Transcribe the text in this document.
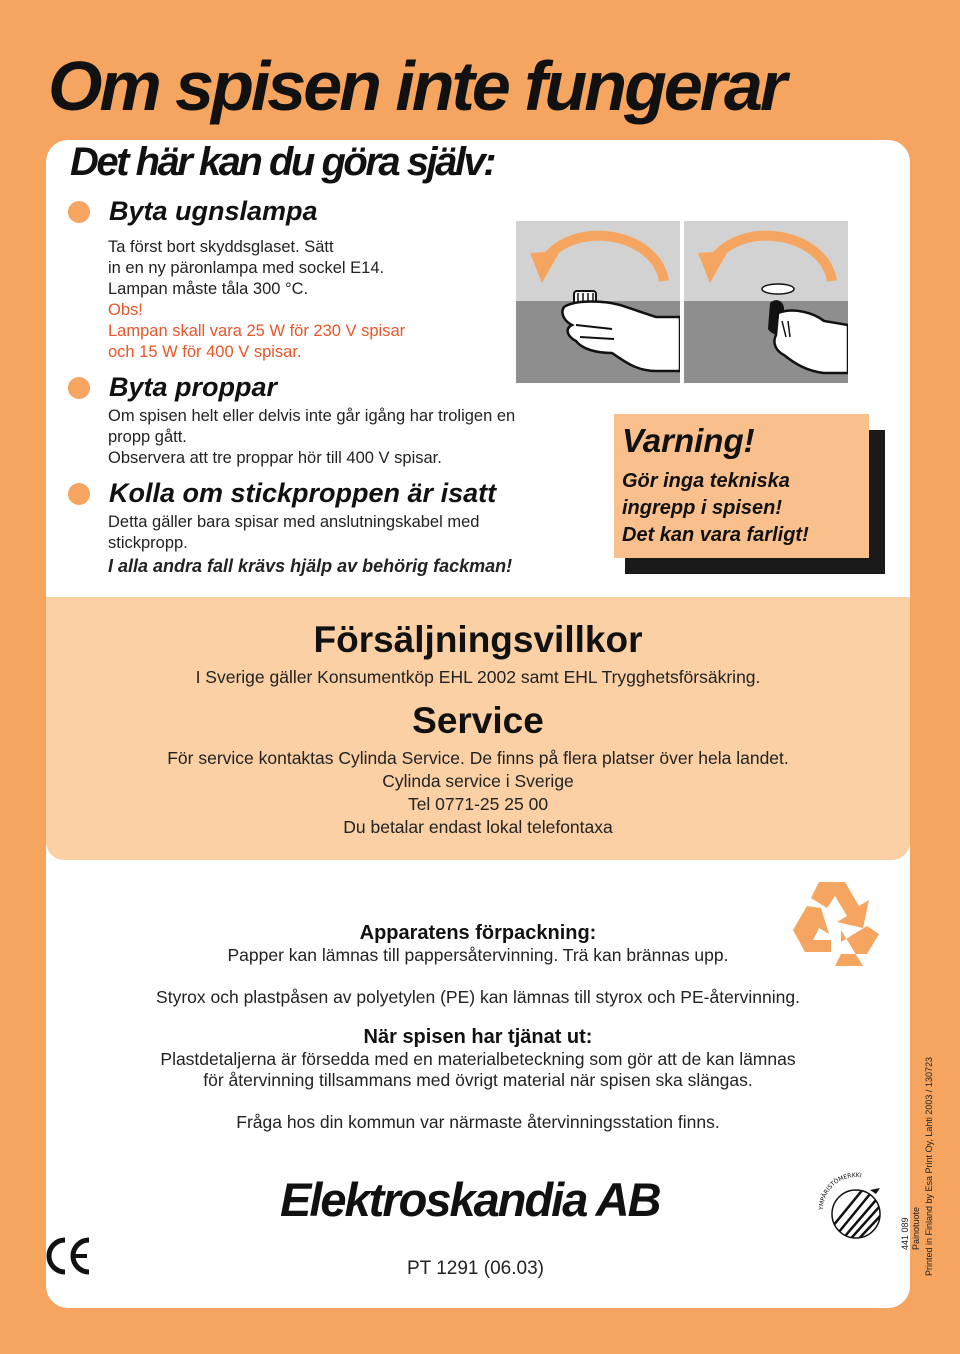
Om spisen inte fungerar
Det här kan du göra själv:
Byta ugnslampa
Ta först bort skyddsglaset. Sätt
in en ny päronlampa med sockel E14.
Lampan måste tåla 300 °C.
Obs!
Lampan skall vara 25 W för 230 V spisar
och 15 W för 400 V spisar.
Byta proppar
Om spisen helt eller delvis inte går igång har troligen en
propp gått.
Observera att tre proppar hör till 400 V spisar.
Kolla om stickproppen är isatt
Detta gäller bara spisar med anslutningskabel med
stickpropp.
I alla andra fall krävs hjälp av behörig fackman!
Varning!
Gör inga tekniska
ingrepp i spisen!
Det kan vara farligt!
Försäljningsvillkor
I Sverige gäller Konsumentköp EHL 2002 samt EHL Trygghetsförsäkring.
Service
För service kontaktas Cylinda Service. De finns på flera platser över hela landet.
Cylinda service i Sverige
Tel 0771-25 25 00
Du betalar endast lokal telefontaxa
Apparatens förpackning:
Papper kan lämnas till pappersåtervinning. Trä kan brännas upp.
Styrox och plastpåsen av polyetylen (PE) kan lämnas till styrox och PE-återvinning.
När spisen har tjänat ut:
Plastdetaljerna är försedda med en materialbeteckning som gör att de kan lämnas
för återvinning tillsammans med övrigt material när spisen ska slängas.
Fråga hos din kommun var närmaste återvinningsstation finns.
Elektroskandia AB
PT 1291 (06.03)
YMPÄRISTÖMERKKI
441 089 Painotuote Printed in Finland by Esa Print Oy, Lahti 2003 / 130723
